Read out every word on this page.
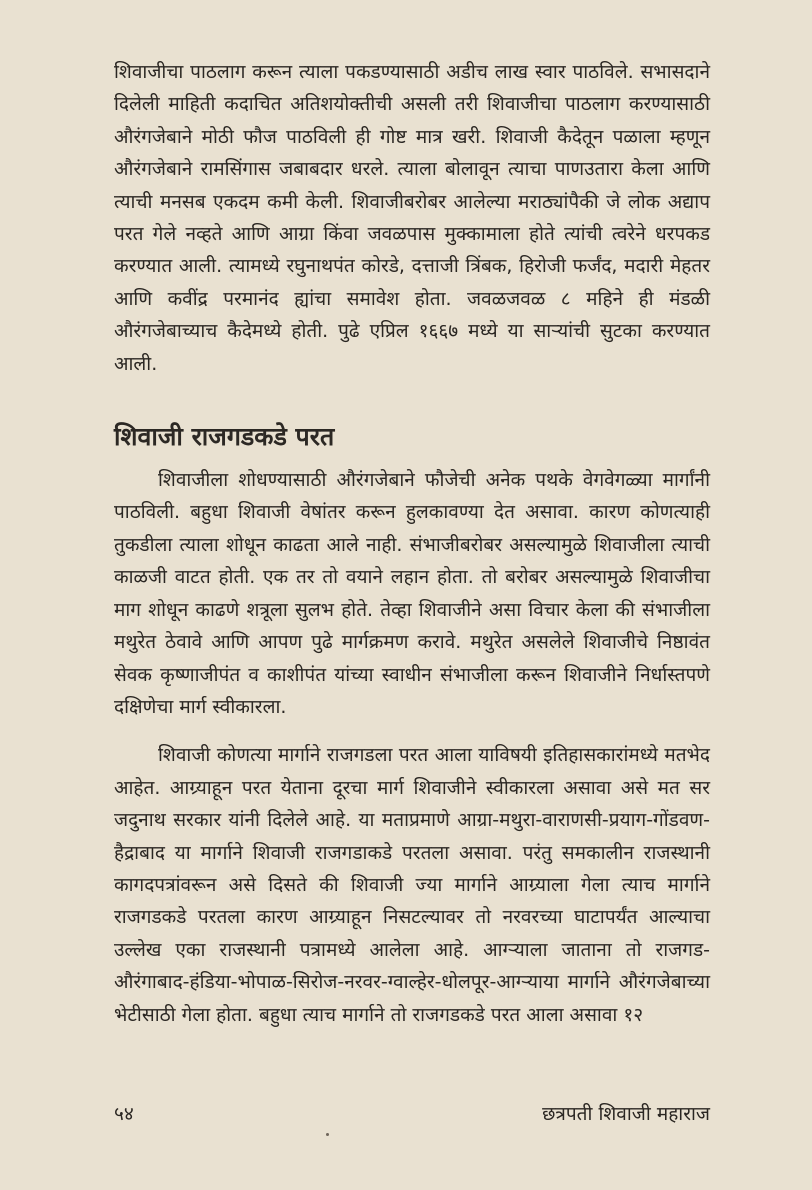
शिवाजीचा पाठलाग करून त्याला पकडण्यासाठी अडीच लाख स्वार पाठविले. सभासदाने दिलेली माहिती कदाचित अतिशयोक्तीची असली तरी शिवाजीचा पाठलाग करण्यासाठी औरंगजेबाने मोठी फौज पाठविली ही गोष्ट मात्र खरी. शिवाजी कैदेतून पळाला म्हणून औरंगजेबाने रामसिंगास जबाबदार धरले. त्याला बोलावून त्याचा पाणउतारा केला आणि त्याची मनसब एकदम कमी केली. शिवाजीबरोबर आलेल्या मराठ्यांपैकी जे लोक अद्याप परत गेले नव्हते आणि आग्रा किंवा जवळपास मुक्कामाला होते त्यांची त्वरेने धरपकड करण्यात आली. त्यामध्ये रघुनाथपंत कोरडे, दत्ताजी त्रिंबक, हिरोजी फर्जंद, मदारी मेहतर आणि कवींद्र परमानंद ह्यांचा समावेश होता. जवळजवळ ८ महिने ही मंडळी औरंगजेबाच्याच कैदेमध्ये होती. पुढे एप्रिल १६६७ मध्ये या साऱ्यांची सुटका करण्यात आली.

शिवाजी राजगडकडे परत

शिवाजीला शोधण्यासाठी औरंगजेबाने फौजेची अनेक पथके वेगवेगळ्या मार्गांनी पाठविली. बहुधा शिवाजी वेषांतर करून हुलकावण्या देत असावा. कारण कोणत्याही तुकडीला त्याला शोधून काढता आले नाही. संभाजीबरोबर असल्यामुळे शिवाजीला त्याची काळजी वाटत होती. एक तर तो वयाने लहान होता. तो बरोबर असल्यामुळे शिवाजीचा माग शोधून काढणे शत्रूला सुलभ होते. तेव्हा शिवाजीने असा विचार केला की संभाजीला मथुरेत ठेवावे आणि आपण पुढे मार्गक्रमण करावे. मथुरेत असलेले शिवाजीचे निष्ठावंत सेवक कृष्णाजीपंत व काशीपंत यांच्या स्वाधीन संभाजीला करून शिवाजीने निर्धास्तपणे दक्षिणेचा मार्ग स्वीकारला.

शिवाजी कोणत्या मार्गाने राजगडला परत आला याविषयी इतिहासकारांमध्ये मतभेद आहेत. आग्र्याहून परत येताना दूरचा मार्ग शिवाजीने स्वीकारला असावा असे मत सर जदुनाथ सरकार यांनी दिलेले आहे. या मताप्रमाणे आग्रा-मथुरा-वाराणसी-प्रयाग-गोंडवण-हैद्राबाद या मार्गाने शिवाजी राजगडाकडे परतला असावा. परंतु समकालीन राजस्थानी कागदपत्रांवरून असे दिसते की शिवाजी ज्या मार्गाने आग्र्याला गेला त्याच मार्गाने राजगडकडे परतला कारण आग्र्याहून निसटल्यावर तो नरवरच्या घाटापर्यंत आल्याचा उल्लेख एका राजस्थानी पत्रामध्ये आलेला आहे. आग्ऱ्याला जाताना तो राजगड-औरंगाबाद-हंडिया-भोपाळ-सिरोज-नरवर-ग्वाल्हेर-धोलपूर-आग्ऱ्याया मार्गाने औरंगजेबाच्या भेटीसाठी गेला होता. बहुधा त्याच मार्गाने तो राजगडकडे परत आला असावा १२

५४	छत्रपती शिवाजी महाराज
